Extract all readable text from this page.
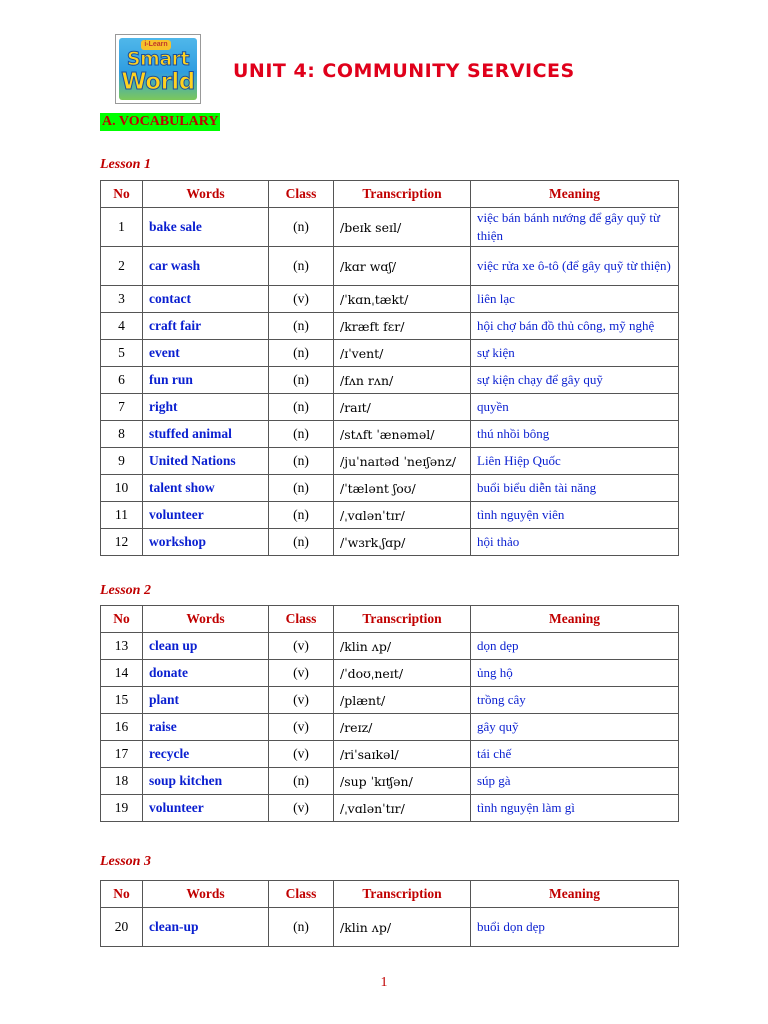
i-Learn
Smart
World UNIT 4: COMMUNITY SERVICES
A. VOCABULARY
Lesson 1
No	Words	Class	Transcription	Meaning
1	bake sale	(n)	/beɪk seɪl/	việc bán bánh nướng để gây quỹ từ thiện
2	car wash	(n)	/kɑr wɑʃ/	việc rửa xe ô-tô (để gây quỹ từ thiện)
3	contact	(v)	/ˈkɑnˌtækt/	liên lạc
4	craft fair	(n)	/kræft fɛr/	hội chợ bán đồ thủ công, mỹ nghệ
5	event	(n)	/ɪˈvent/	sự kiện
6	fun run	(n)	/fʌn rʌn/	sự kiện chạy để gây quỹ
7	right	(n)	/raɪt/	quyền
8	stuffed animal	(n)	/stʌft ˈænəməl/	thú nhồi bông
9	United Nations	(n)	/juˈnaɪtəd ˈneɪʃənz/	Liên Hiệp Quốc
10	talent show	(n)	/ˈtælənt ʃoʊ/	buổi biểu diễn tài năng
11	volunteer	(n)	/ˌvɑlənˈtɪr/	tình nguyện viên
12	workshop	(n)	/ˈwɜrkˌʃɑp/	hội thảo
Lesson 2
No	Words	Class	Transcription	Meaning
13	clean up	(v)	/klin ʌp/	dọn dẹp
14	donate	(v)	/ˈdoʊˌneɪt/	ủng hộ
15	plant	(v)	/plænt/	trồng cây
16	raise	(v)	/reɪz/	gây quỹ
17	recycle	(v)	/riˈsaɪkəl/	tái chế
18	soup kitchen	(n)	/sup ˈkɪʧən/	súp gà
19	volunteer	(v)	/ˌvɑlənˈtɪr/	tình nguyện làm gì
Lesson 3
No	Words	Class	Transcription	Meaning
20	clean-up	(n)	/klin ʌp/	buổi dọn dẹp
1
